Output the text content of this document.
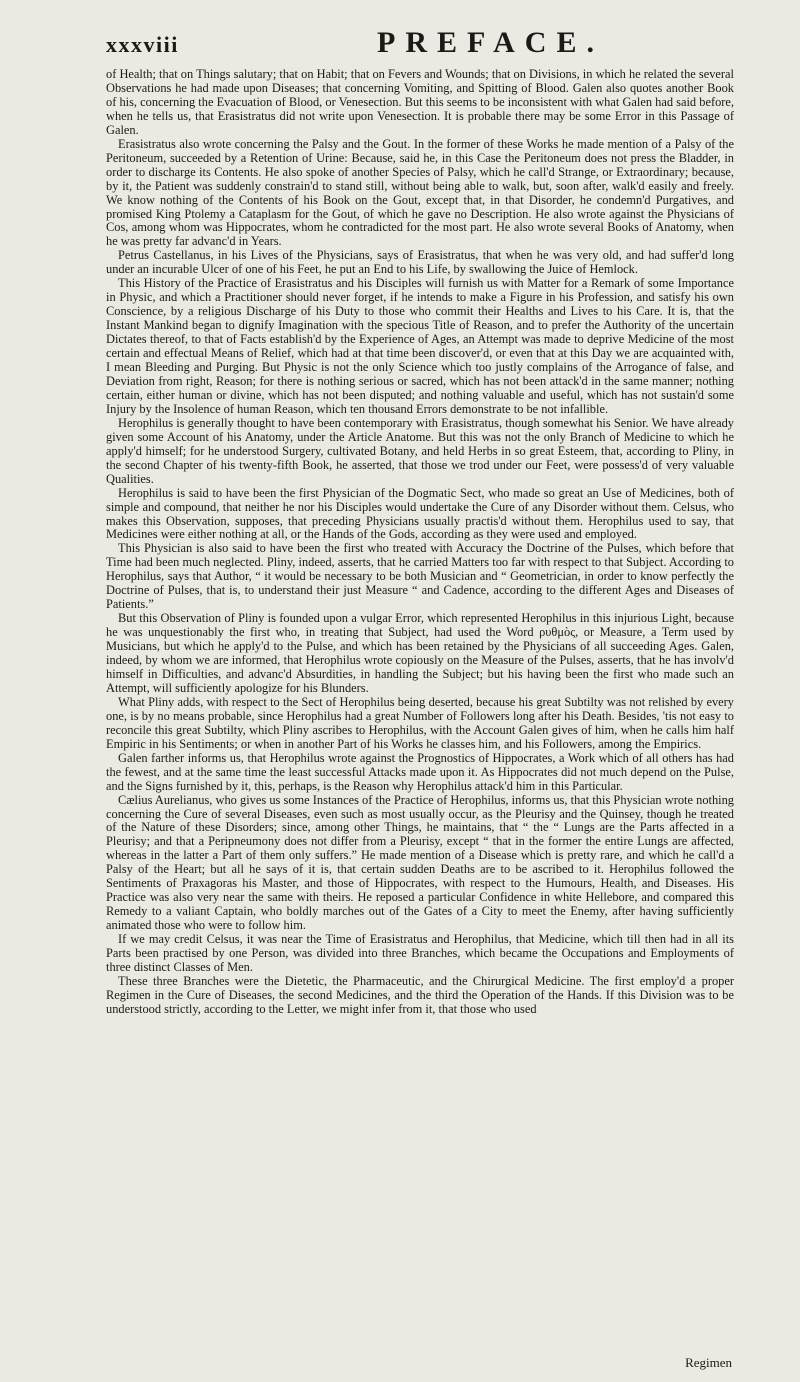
xxxviii	PREFACE.

of Health; that on Things salutary; that on Habit; that on Fevers and Wounds; that on Divisions, in which he related the several Observations he had made upon Diseases; that concerning Vomiting, and Spitting of Blood. Galen also quotes another Book of his, concerning the Evacuation of Blood, or Venesection. But this seems to be inconsistent with what Galen had said before, when he tells us, that Erasistratus did not write upon Venesection. It is probable there may be some Error in this Passage of Galen.

Erasistratus also wrote concerning the Palsy and the Gout. In the former of these Works he made mention of a Palsy of the Peritoneum, succeeded by a Retention of Urine: Because, said he, in this Case the Peritoneum does not press the Bladder, in order to discharge its Contents. He also spoke of another Species of Palsy, which he call'd Strange, or Extraordinary; because, by it, the Patient was suddenly constrain'd to stand still, without being able to walk, but, soon after, walk'd easily and freely. We know nothing of the Contents of his Book on the Gout, except that, in that Disorder, he condemn'd Purgatives, and promised King Ptolemy a Cataplasm for the Gout, of which he gave no Description. He also wrote against the Physicians of Cos, among whom was Hippocrates, whom he contradicted for the most part. He also wrote several Books of Anatomy, when he was pretty far advanc'd in Years.

Petrus Castellanus, in his Lives of the Physicians, says of Erasistratus, that when he was very old, and had suffer'd long under an incurable Ulcer of one of his Feet, he put an End to his Life, by swallowing the Juice of Hemlock.

This History of the Practice of Erasistratus and his Disciples will furnish us with Matter for a Remark of some Importance in Physic, and which a Practitioner should never forget, if he intends to make a Figure in his Profession, and satisfy his own Conscience, by a religious Discharge of his Duty to those who commit their Healths and Lives to his Care. It is, that the Instant Mankind began to dignify Imagination with the specious Title of Reason, and to prefer the Authority of the uncertain Dictates thereof, to that of Facts establish'd by the Experience of Ages, an Attempt was made to deprive Medicine of the most certain and effectual Means of Relief, which had at that time been discover'd, or even that at this Day we are acquainted with, I mean Bleeding and Purging. But Physic is not the only Science which too justly complains of the Arrogance of false, and Deviation from right, Reason; for there is nothing serious or sacred, which has not been attack'd in the same manner; nothing certain, either human or divine, which has not been disputed; and nothing valuable and useful, which has not sustain'd some Injury by the Insolence of human Reason, which ten thousand Errors demonstrate to be not infallible.

Herophilus is generally thought to have been contemporary with Erasistratus, though somewhat his Senior. We have already given some Account of his Anatomy, under the Article Anatome. But this was not the only Branch of Medicine to which he apply'd himself; for he understood Surgery, cultivated Botany, and held Herbs in so great Esteem, that, according to Pliny, in the second Chapter of his twenty-fifth Book, he asserted, that those we trod under our Feet, were possess'd of very valuable Qualities.

Herophilus is said to have been the first Physician of the Dogmatic Sect, who made so great an Use of Medicines, both of simple and compound, that neither he nor his Disciples would undertake the Cure of any Disorder without them. Celsus, who makes this Observation, supposes, that preceding Physicians usually practis'd without them. Herophilus used to say, that Medicines were either nothing at all, or the Hands of the Gods, according as they were used and employed.

This Physician is also said to have been the first who treated with Accuracy the Doctrine of the Pulses, which before that Time had been much neglected. Pliny, indeed, asserts, that he carried Matters too far with respect to that Subject. According to Herophilus, says that Author, “ it would be necessary to be both Musician and “ Geometrician, in order to know perfectly the Doctrine of Pulses, that is, to understand their just Measure “ and Cadence, according to the different Ages and Diseases of Patients.”

But this Observation of Pliny is founded upon a vulgar Error, which represented Herophilus in this injurious Light, because he was unquestionably the first who, in treating that Subject, had used the Word ρυθμὸς, or Measure, a Term used by Musicians, but which he apply'd to the Pulse, and which has been retained by the Physicians of all succeeding Ages. Galen, indeed, by whom we are informed, that Herophilus wrote copiously on the Measure of the Pulses, asserts, that he has involv'd himself in Difficulties, and advanc'd Absurdities, in handling the Subject; but his having been the first who made such an Attempt, will sufficiently apologize for his Blunders.

What Pliny adds, with respect to the Sect of Herophilus being deserted, because his great Subtilty was not relished by every one, is by no means probable, since Herophilus had a great Number of Followers long after his Death. Besides, 'tis not easy to reconcile this great Subtilty, which Pliny ascribes to Herophilus, with the Account Galen gives of him, when he calls him half Empiric in his Sentiments; or when in another Part of his Works he classes him, and his Followers, among the Empirics.

Galen farther informs us, that Herophilus wrote against the Prognostics of Hippocrates, a Work which of all others has had the fewest, and at the same time the least successful Attacks made upon it. As Hippocrates did not much depend on the Pulse, and the Signs furnished by it, this, perhaps, is the Reason why Herophilus attack'd him in this Particular.

Cælius Aurelianus, who gives us some Instances of the Practice of Herophilus, informs us, that this Physician wrote nothing concerning the Cure of several Diseases, even such as most usually occur, as the Pleurisy and the Quinsey, though he treated of the Nature of these Disorders; since, among other Things, he maintains, that “ the “ Lungs are the Parts affected in a Pleurisy; and that a Peripneumony does not differ from a Pleurisy, except “ that in the former the entire Lungs are affected, whereas in the latter a Part of them only suffers.” He made mention of a Disease which is pretty rare, and which he call'd a Palsy of the Heart; but all he says of it is, that certain sudden Deaths are to be ascribed to it. Herophilus followed the Sentiments of Praxagoras his Master, and those of Hippocrates, with respect to the Humours, Health, and Diseases. His Practice was also very near the same with theirs. He reposed a particular Confidence in white Hellebore, and compared this Remedy to a valiant Captain, who boldly marches out of the Gates of a City to meet the Enemy, after having sufficiently animated those who were to follow him.

If we may credit Celsus, it was near the Time of Erasistratus and Herophilus, that Medicine, which till then had in all its Parts been practised by one Person, was divided into three Branches, which became the Occupations and Employments of three distinct Classes of Men.

These three Branches were the Dietetic, the Pharmaceutic, and the Chirurgical Medicine. The first employ'd a proper Regimen in the Cure of Diseases, the second Medicines, and the third the Operation of the Hands. If this Division was to be understood strictly, according to the Letter, we might infer from it, that those who used

Regimen
